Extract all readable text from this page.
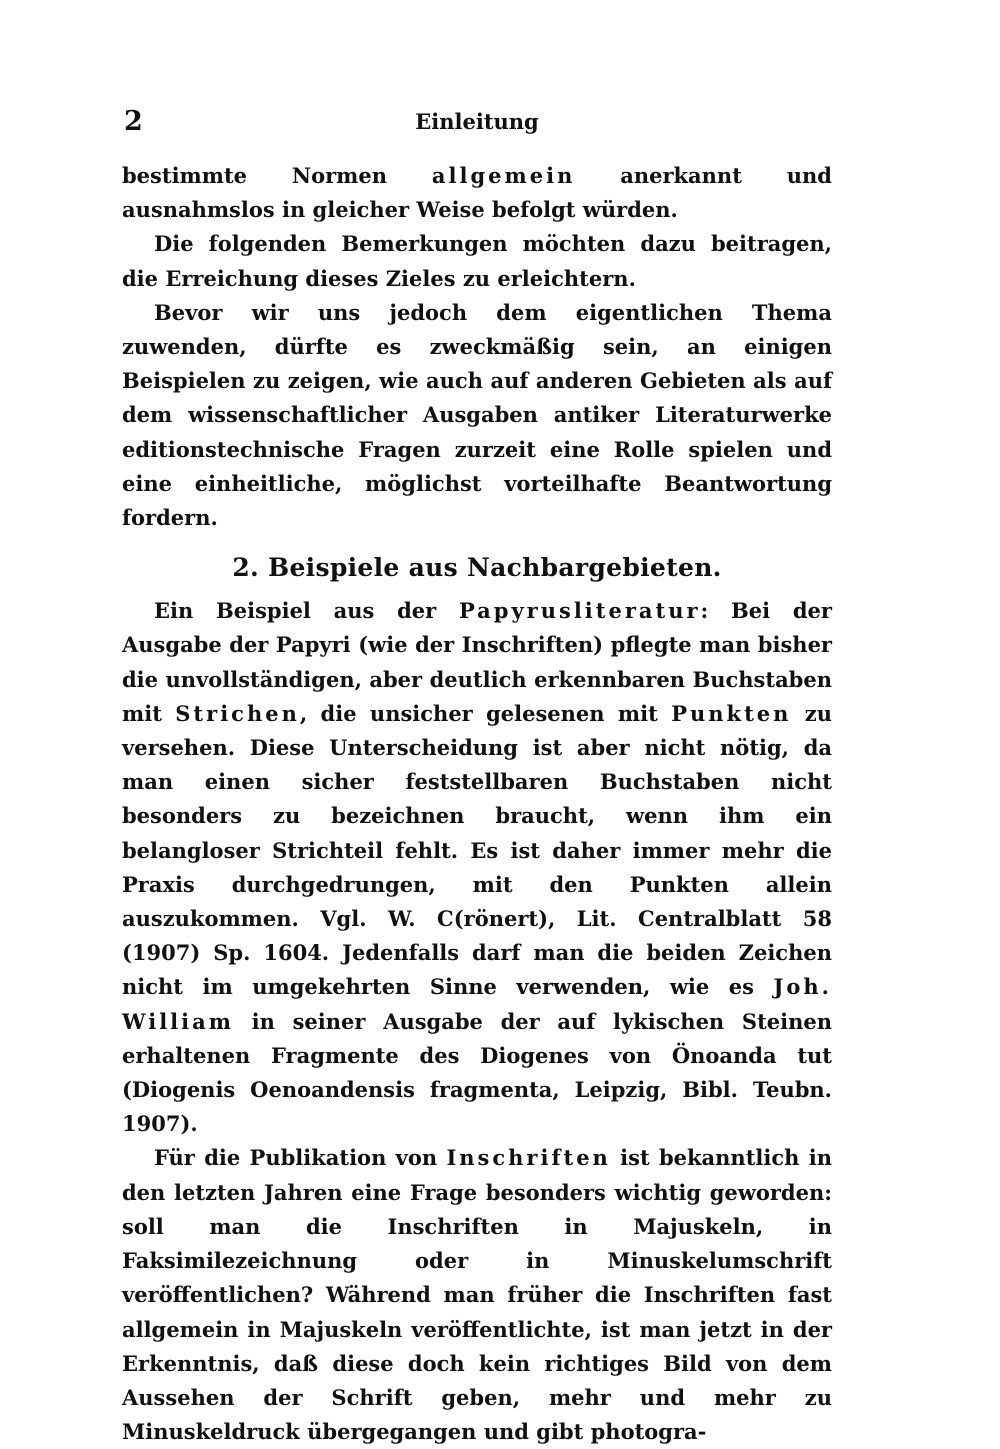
2	Einleitung

bestimmte Normen allgemein anerkannt und ausnahmslos in gleicher Weise befolgt würden.

Die folgenden Bemerkungen möchten dazu beitragen, die Erreichung dieses Zieles zu erleichtern.

Bevor wir uns jedoch dem eigentlichen Thema zuwenden, dürfte es zweckmäßig sein, an einigen Beispielen zu zeigen, wie auch auf anderen Gebieten als auf dem wissenschaftlicher Ausgaben antiker Literaturwerke editionstechnische Fragen zurzeit eine Rolle spielen und eine einheitliche, möglichst vorteilhafte Beantwortung fordern.

2. Beispiele aus Nachbargebieten.

Ein Beispiel aus der Papyrusliteratur: Bei der Ausgabe der Papyri (wie der Inschriften) pflegte man bisher die unvollständigen, aber deutlich erkennbaren Buchstaben mit Strichen, die unsicher gelesenen mit Punkten zu versehen. Diese Unterscheidung ist aber nicht nötig, da man einen sicher feststellbaren Buchstaben nicht besonders zu bezeichnen braucht, wenn ihm ein belangloser Strichteil fehlt. Es ist daher immer mehr die Praxis durchgedrungen, mit den Punkten allein auszukommen. Vgl. W. C(rönert), Lit. Centralblatt 58 (1907) Sp. 1604. Jedenfalls darf man die beiden Zeichen nicht im umgekehrten Sinne verwenden, wie es Joh. William in seiner Ausgabe der auf lykischen Steinen erhaltenen Fragmente des Diogenes von Önoanda tut (Diogenis Oenoandensis fragmenta, Leipzig, Bibl. Teubn. 1907).

Für die Publikation von Inschriften ist bekanntlich in den letzten Jahren eine Frage besonders wichtig geworden: soll man die Inschriften in Majuskeln, in Faksimilezeichnung oder in Minuskelumschrift veröffentlichen? Während man früher die Inschriften fast allgemein in Majuskeln veröffentlichte, ist man jetzt in der Erkenntnis, daß diese doch kein richtiges Bild von dem Aussehen der Schrift geben, mehr und mehr zu Minuskeldruck übergegangen und gibt photogra-
